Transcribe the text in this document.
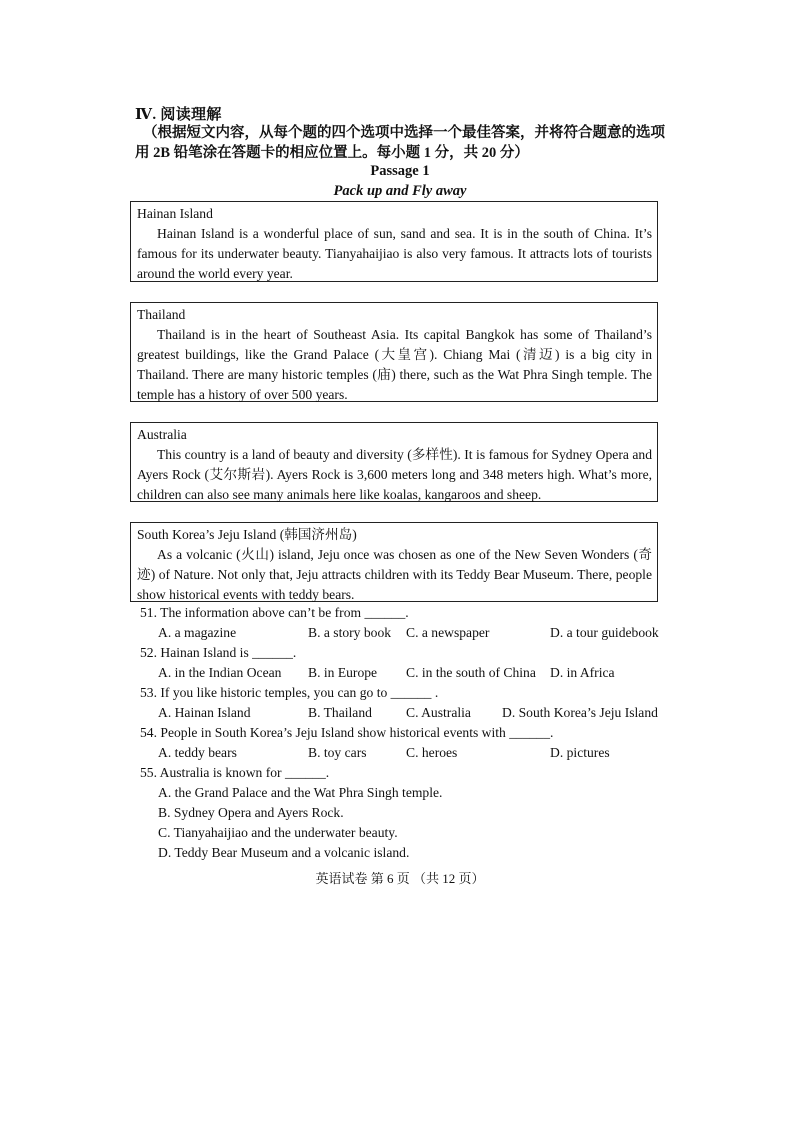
Ⅳ. 阅读理解
（根据短文内容，从每个题的四个选项中选择一个最佳答案，并将符合题意的选项用 2B 铅笔涂在答题卡的相应位置上。每小题 1 分，共 20 分）
Passage 1
Pack up and Fly away
Hainan Island
Hainan Island is a wonderful place of sun, sand and sea. It is in the south of China. It’s famous for its underwater beauty. Tianyahaijiao is also very famous. It attracts lots of tourists around the world every year.
Thailand
Thailand is in the heart of Southeast Asia. Its capital Bangkok has some of Thailand’s greatest buildings, like the Grand Palace (大皇宫). Chiang Mai (清迈) is a big city in Thailand. There are many historic temples (庙) there, such as the Wat Phra Singh temple. The temple has a history of over 500 years.
Australia
This country is a land of beauty and diversity (多样性). It is famous for Sydney Opera and Ayers Rock (艾尔斯岩). Ayers Rock is 3,600 meters long and 348 meters high. What’s more, children can also see many animals here like koalas, kangaroos and sheep.
South Korea’s Jeju Island (韩国济州岛)
As a volcanic (火山) island, Jeju once was chosen as one of the New Seven Wonders (奇迹) of Nature. Not only that, Jeju attracts children with its Teddy Bear Museum. There, people show historical events with teddy bears.
51. The information above can’t be from ______.
A. a magazine	B. a story book C. a newspaper	D. a tour guidebook
52. Hainan Island is ______.
A. in the Indian Ocean B. in Europe C. in the south of China D. in Africa
53. If you like historic temples, you can go to ______ .
A. Hainan Island	B. Thailand	C. Australia D. South Korea’s Jeju Island
54. People in South Korea’s Jeju Island show historical events with ______.
A. teddy bears	B. toy cars	C. heroes	D. pictures
55. Australia is known for ______.
A. the Grand Palace and the Wat Phra Singh temple.
B. Sydney Opera and Ayers Rock.
C. Tianyahaijiao and the underwater beauty.
D. Teddy Bear Museum and a volcanic island.
英语试卷 第 6 页 （共 12 页）
